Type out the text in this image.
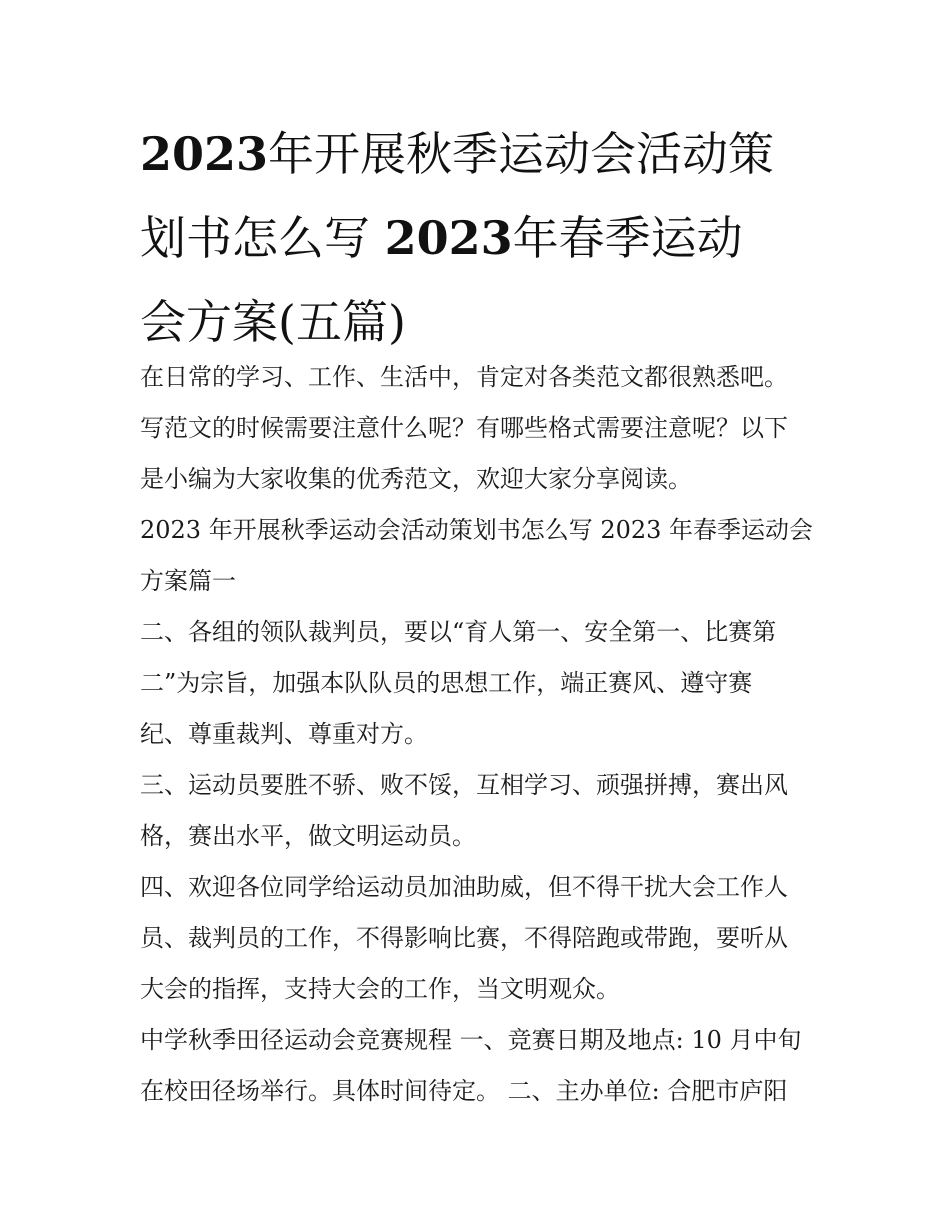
2023年开展秋季运动会活动策
划书怎么写 2023年春季运动
会方案(五篇)

在日常的学习、工作、生活中，肯定对各类范文都很熟悉吧。
写范文的时候需要注意什么呢？有哪些格式需要注意呢？以下
是小编为大家收集的优秀范文，欢迎大家分享阅读。

2023 年开展秋季运动会活动策划书怎么写 2023 年春季运动会
方案篇一

二、各组的领队裁判员，要以“育人第一、安全第一、比赛第
二”为宗旨，加强本队队员的思想工作，端正赛风、遵守赛
纪、尊重裁判、尊重对方。

三、运动员要胜不骄、败不馁，互相学习、顽强拼搏，赛出风
格，赛出水平，做文明运动员。

四、欢迎各位同学给运动员加油助威，但不得干扰大会工作人
员、裁判员的工作，不得影响比赛，不得陪跑或带跑，要听从
大会的指挥，支持大会的工作，当文明观众。

中学秋季田径运动会竞赛规程 一、竞赛日期及地点: 10 月中旬
在校田径场举行。具体时间待定。 二、主办单位: 合肥市庐阳
